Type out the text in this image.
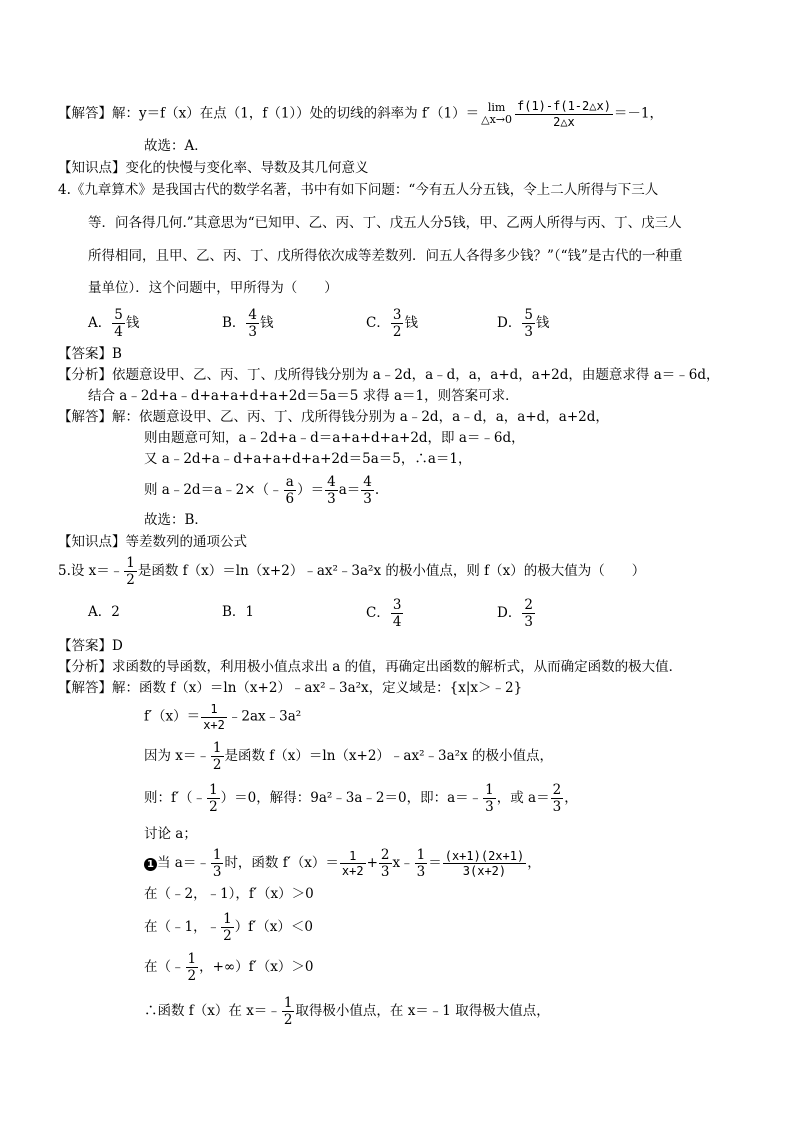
【解答】解：y＝f（x）在点（1，f（1））处的切线的斜率为 f′（1）＝ lim
△x→0 $\frac{f(1)-f(1-2\triangle x)}{2\triangle x} =-1$，
故选：A．
【知识点】变化的快慢与变化率、导数及其几何意义
4.《九章算术》是我国古代的数学名著，书中有如下问题：“今有五人分五钱，令上二人所得与下三人
等．问各得几何.”其意思为“已知甲、乙、丙、丁、戊五人分5钱，甲、乙两人所得与丙、丁、戊三人
所得相同，且甲、乙、丙、丁、戊所得依次成等差数列．问五人各得多少钱？”（“钱”是古代的一种重
量单位）．这个问题中，甲所得为（　　）
A． $\frac{5}{4}$ 钱	B． $\frac{4}{3}$ 钱	C． $\frac{3}{2}$ 钱	D． $\frac{5}{3}$ 钱
【答案】B
【分析】依题意设甲、乙、丙、丁、戊所得钱分别为 a﹣2d，a﹣d，a，a+d，a+2d，由题意求得 a＝﹣6d，
结合 a﹣2d+a﹣d+a+a+d+a+2d＝5a＝5 求得 a＝1，则答案可求．
【解答】解：依题意设甲、乙、丙、丁、戊所得钱分别为 a﹣2d，a﹣d，a，a+d，a+2d，
则由题意可知，a﹣2d+a﹣d＝a+a+d+a+2d，即 a＝﹣6d，
又 a﹣2d+a﹣d+a+a+d+a+2d＝5a＝5，∴a＝1，
则 a﹣2d＝a﹣2×（﹣ $\frac{a}{6}$ ）＝ $\frac{4}{3} a= \frac{4}{3}$ .
故选：B．
【知识点】等差数列的通项公式
5.设 x＝﹣ $\frac{1}{2}$ 是函数 f（x）＝ln（x+2）﹣ax²﹣3a²x 的极小值点，则 f（x）的极大值为（　　）
A．2	B．1	C． $\frac{3}{4}$	D． $\frac{2}{3}$
【答案】D
【分析】求函数的导函数，利用极小值点求出 a 的值，再确定出函数的解析式，从而确定函数的极大值．
【解答】解：函数 f（x）＝ln（x+2）﹣ax²﹣3a²x，定义域是：{x|x＞﹣2}
$f'(x)= \frac{1}{x+2}$ ﹣2ax﹣3a²
因为 x＝﹣ $\frac{1}{2}$ 是函数 f（x）＝ln（x+2）﹣ax²﹣3a²x 的极小值点，
则：f′（﹣ $\frac{1}{2} )=0$，解得：9a²﹣3a﹣2＝0，即：a＝﹣ $\frac{1}{3}$ ，或 $a= \frac{2}{3}$ ，
讨论 a；
1 当 a＝﹣ $\frac{1}{3}$ 时，函数 $f'(x)= \frac{1}{x+2} + \frac{2}{3}$ x﹣ $\frac{1}{3} = \frac{(x+1)(2x+1)}{3(x+2)}$ ，
在（﹣2，﹣1），f′（x）＞0
在（﹣1，﹣ $\frac{1}{2} )f'(x)<0$
在（﹣ $\frac{1}{2}$ ，+∞）f′（x）＞0
∴函数 f（x）在 x＝﹣ $\frac{1}{2}$ 取得极小值点，在 x＝﹣1 取得极大值点，
